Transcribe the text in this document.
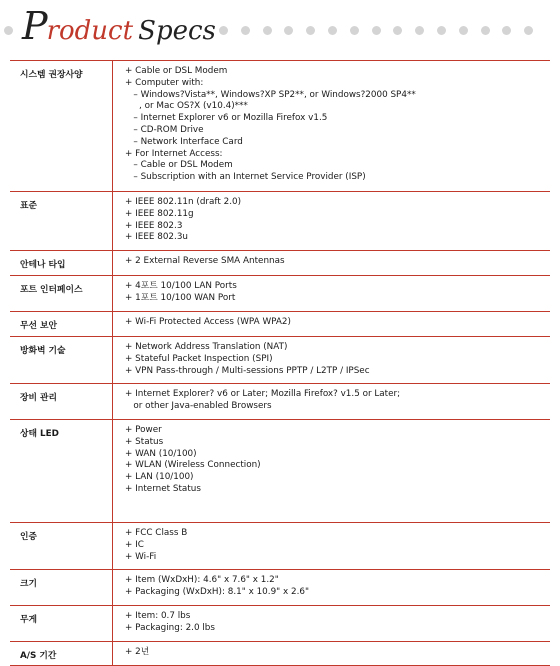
Product Specs
시스템 권장사양	+ Cable or DSL Modem
+ Computer with:
– Windows?Vista**, Windows?XP SP2**, or Windows?2000 SP4**
, or Mac OS?X (v10.4)***
– Internet Explorer v6 or Mozilla Firefox v1.5
– CD-ROM Drive
– Network Interface Card
+ For Internet Access:
– Cable or DSL Modem
– Subscription with an Internet Service Provider (ISP)
표준	+ IEEE 802.11n (draft 2.0)
+ IEEE 802.11g
+ IEEE 802.3
+ IEEE 802.3u
안테나 타입	+ 2 External Reverse SMA Antennas
포트 인터페이스	+ 4포트 10/100 LAN Ports
+ 1포트 10/100 WAN Port
무선 보안	+ Wi-Fi Protected Access (WPA WPA2)
방화벽 기술	+ Network Address Translation (NAT)
+ Stateful Packet Inspection (SPI)
+ VPN Pass-through / Multi-sessions PPTP / L2TP / IPSec
장비 관리	+ Internet Explorer? v6 or Later; Mozilla Firefox? v1.5 or Later;
or other Java-enabled Browsers
상태 LED	+ Power
+ Status
+ WAN (10/100)
+ WLAN (Wireless Connection)
+ LAN (10/100)
+ Internet Status
인증	+ FCC Class B
+ IC
+ Wi-Fi
크기	+ Item (WxDxH): 4.6" x 7.6" x 1.2"
+ Packaging (WxDxH): 8.1" x 10.9" x 2.6"
무게	+ Item: 0.7 lbs
+ Packaging: 2.0 lbs
A/S 기간	+ 2년
